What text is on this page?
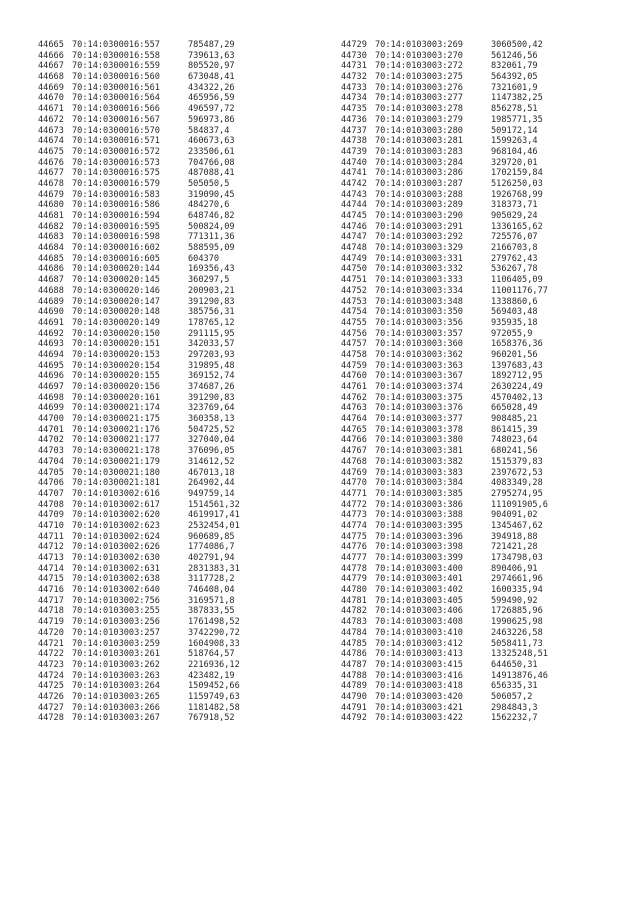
44665 70:14:0300016:557	785487,29
44666 70:14:0300016:558	739613,63
44667 70:14:0300016:559	805520,97
44668 70:14:0300016:560	673048,41
44669 70:14:0300016:561	434322,26
44670 70:14:0300016:564	465956,59
44671 70:14:0300016:566	496597,72
44672 70:14:0300016:567	596973,86
44673 70:14:0300016:570	584837,4
44674 70:14:0300016:571	460673,63
44675 70:14:0300016:572	233506,61
44676 70:14:0300016:573	704766,08
44677 70:14:0300016:575	487088,41
44678 70:14:0300016:579	505050,5
44679 70:14:0300016:583	319090,45
44680 70:14:0300016:586	484270,6
44681 70:14:0300016:594	648746,82
44682 70:14:0300016:595	500824,09
44683 70:14:0300016:598	771311,36
44684 70:14:0300016:602	588595,09
44685 70:14:0300016:605	604370
44686 70:14:0300020:144	169356,43
44687 70:14:0300020:145	360297,5
44688 70:14:0300020:146	200903,21
44689 70:14:0300020:147	391290,83
44690 70:14:0300020:148	385756,31
44691 70:14:0300020:149	178765,12
44692 70:14:0300020:150	291115,95
44693 70:14:0300020:151	342033,57
44694 70:14:0300020:153	297203,93
44695 70:14:0300020:154	319895,48
44696 70:14:0300020:155	369152,74
44697 70:14:0300020:156	374687,26
44698 70:14:0300020:161	391290,83
44699 70:14:0300021:174	323769,64
44700 70:14:0300021:175	360358,13
44701 70:14:0300021:176	504725,52
44702 70:14:0300021:177	327040,04
44703 70:14:0300021:178	376096,05
44704 70:14:0300021:179	314612,52
44705 70:14:0300021:180	467013,18
44706 70:14:0300021:181	264902,44
44707 70:14:0103002:616	949759,14
44708 70:14:0103002:617	1514561,32
44709 70:14:0103002:620	4619917,41
44710 70:14:0103002:623	2532454,01
44711 70:14:0103002:624	960689,85
44712 70:14:0103002:626	1774086,7
44713 70:14:0103002:630	402791,94
44714 70:14:0103002:631	2831383,31
44715 70:14:0103002:638	3117728,2
44716 70:14:0103002:640	746408,04
44717 70:14:0103002:756	3169571,8
44718 70:14:0103003:255	387833,55
44719 70:14:0103003:256	1761498,52
44720 70:14:0103003:257	3742290,72
44721 70:14:0103003:259	1604908,33
44722 70:14:0103003:261	518764,57
44723 70:14:0103003:262	2216936,12
44724 70:14:0103003:263	423482,19
44725 70:14:0103003:264	1509452,66
44726 70:14:0103003:265	1159749,63
44727 70:14:0103003:266	1181482,58
44728 70:14:0103003:267	767918,52
44729 70:14:0103003:269	3060500,42
44730 70:14:0103003:270	561246,56
44731 70:14:0103003:272	832061,79
44732 70:14:0103003:275	564392,05
44733 70:14:0103003:276	7321601,9
44734 70:14:0103003:277	1147382,25
44735 70:14:0103003:278	856278,51
44736 70:14:0103003:279	1985771,35
44737 70:14:0103003:280	509172,14
44738 70:14:0103003:281	1599263,4
44739 70:14:0103003:283	968104,46
44740 70:14:0103003:284	329720,01
44741 70:14:0103003:286	1702159,84
44742 70:14:0103003:287	5126250,03
44743 70:14:0103003:288	1926768,99
44744 70:14:0103003:289	318373,71
44745 70:14:0103003:290	905029,24
44746 70:14:0103003:291	1336165,62
44747 70:14:0103003:292	725576,07
44748 70:14:0103003:329	2166703,8
44749 70:14:0103003:331	279762,43
44750 70:14:0103003:332	536267,78
44751 70:14:0103003:333	1106405,09
44752 70:14:0103003:334	11001176,77
44753 70:14:0103003:348	1338860,6
44754 70:14:0103003:350	569403,48
44755 70:14:0103003:356	935935,18
44756 70:14:0103003:357	972055,9
44757 70:14:0103003:360	1658376,36
44758 70:14:0103003:362	960201,56
44759 70:14:0103003:363	1397683,43
44760 70:14:0103003:367	1892712,95
44761 70:14:0103003:374	2630224,49
44762 70:14:0103003:375	4570402,13
44763 70:14:0103003:376	665028,49
44764 70:14:0103003:377	908485,21
44765 70:14:0103003:378	861415,39
44766 70:14:0103003:380	748023,64
44767 70:14:0103003:381	680241,56
44768 70:14:0103003:382	1515379,83
44769 70:14:0103003:383	2397672,53
44770 70:14:0103003:384	4083349,28
44771 70:14:0103003:385	2795274,95
44772 70:14:0103003:386	111091905,6
44773 70:14:0103003:388	904091,02
44774 70:14:0103003:395	1345467,62
44775 70:14:0103003:396	394918,88
44776 70:14:0103003:398	721421,28
44777 70:14:0103003:399	1734798,03
44778 70:14:0103003:400	890406,91
44779 70:14:0103003:401	2974661,96
44780 70:14:0103003:402	1600335,94
44781 70:14:0103003:405	599490,92
44782 70:14:0103003:406	1726885,96
44783 70:14:0103003:408	1990625,98
44784 70:14:0103003:410	2463226,58
44785 70:14:0103003:412	5058411,73
44786 70:14:0103003:413	13325248,51
44787 70:14:0103003:415	644650,31
44788 70:14:0103003:416	14913876,46
44789 70:14:0103003:418	656335,31
44790 70:14:0103003:420	506057,2
44791 70:14:0103003:421	2984843,3
44792 70:14:0103003:422	1562232,7
